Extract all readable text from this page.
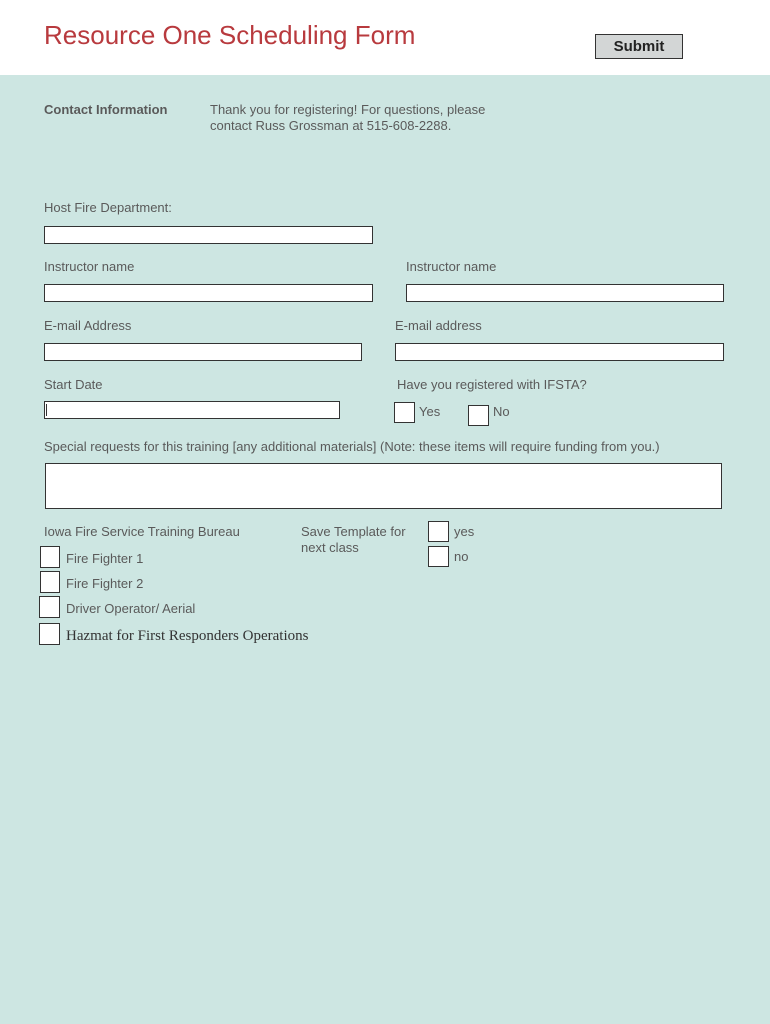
Resource One Scheduling Form	Submit
Contact Information	Thank you for registering! For questions, please contact Russ Grossman at 515-608-2288.
Host Fire Department:
Instructor name	Instructor name
E-mail Address	E-mail address
Start Date	Have you registered with IFSTA?
Yes	No
Special requests for this training [any additional materials] (Note: these items will require funding from you.)
Iowa Fire Service Training Bureau
Fire Fighter 1
Fire Fighter 2
Driver Operator/ Aerial
Hazmat for First Responders Operations
Save Template for next class
yes
no
